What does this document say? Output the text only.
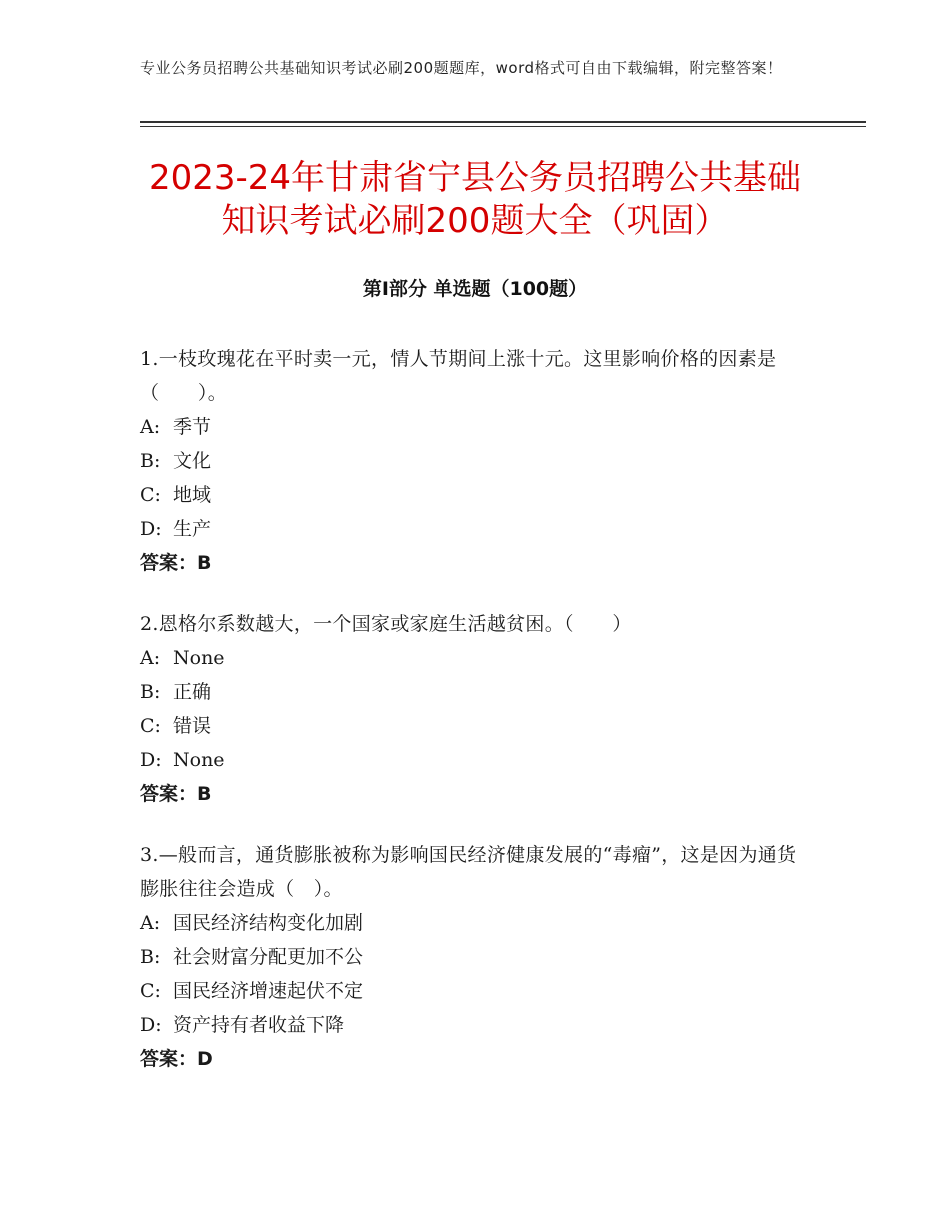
专业公务员招聘公共基础知识考试必刷200题题库，word格式可自由下载编辑，附完整答案！
2023-24年甘肃省宁县公务员招聘公共基础
知识考试必刷200题大全（巩固）
第Ⅰ部分 单选题（100题）

1.一枝玫瑰花在平时卖一元，情人节期间上涨十元。这里影响价格的因素是（　　）。

A: 季节

B: 文化

C: 地域

D: 生产

答案：B

2.恩格尔系数越大，一个国家或家庭生活越贫困。（　　）

A: None

B: 正确

C: 错误

D: None

答案：B

3.—般而言，通货膨胀被称为影响国民经济健康发展的“毒瘤”，这是因为通货膨胀往往会造成（　）。

A: 国民经济结构变化加剧

B: 社会财富分配更加不公

C: 国民经济增速起伏不定

D: 资产持有者收益下降

答案：D
